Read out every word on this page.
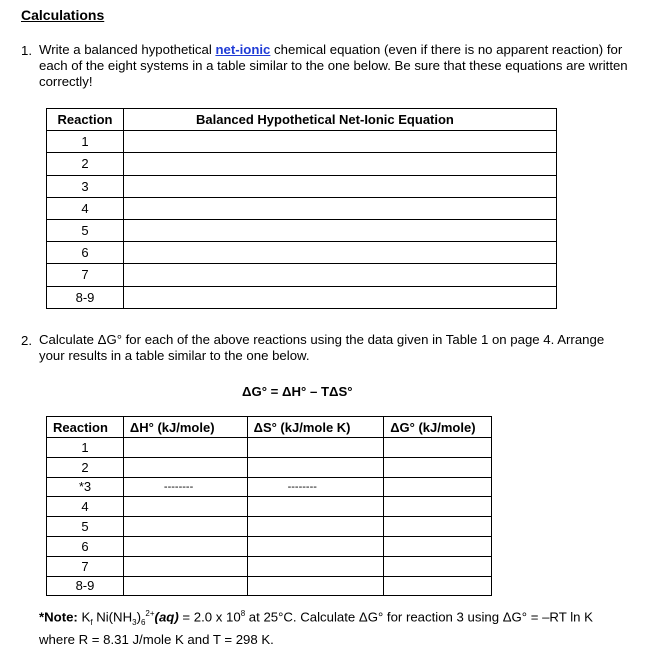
Calculations
1. Write a balanced hypothetical net-ionic chemical equation (even if there is no apparent reaction) for each of the eight systems in a table similar to the one below. Be sure that these equations are written correctly!
Reaction	Balanced Hypothetical Net-Ionic Equation
1	
2	
3	
4	
5	
6	
7	
8-9	
2. Calculate ΔG° for each of the above reactions using the data given in Table 1 on page 4. Arrange your results in a table similar to the one below.
ΔG° = ΔH° – TΔS°
Reaction	ΔH° (kJ/mole)	ΔS° (kJ/mole K)	ΔG° (kJ/mole)
1			
2			
*3	--------	--------	
4			
5			
6			
7			
8-9			
*Note: $K_f$ $Ni(NH_3)_6^{2+}(aq) = 2.0$ x $10^8$ at 25°C. Calculate ΔG° for reaction 3 using ΔG° = –RT ln K where R = 8.31 J/mole K and T = 298 K.
